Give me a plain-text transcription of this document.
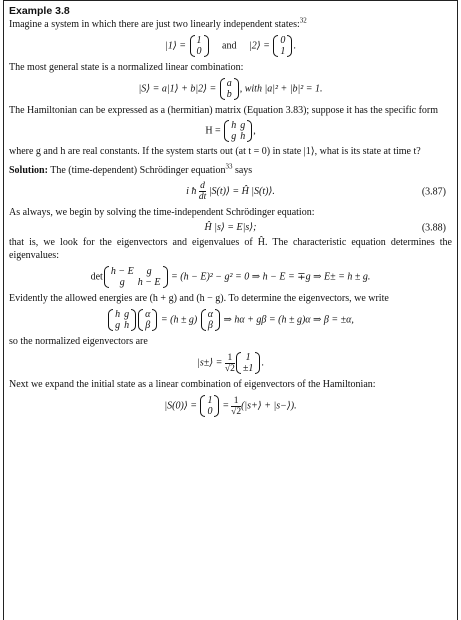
Example 3.8

Imagine a system in which there are just two linearly independent states:$^{32}$

|1⟩ = 1
0
and |2⟩ = 0
1
.

The most general state is a normalized linear combination:

|S⟩ = a|1⟩ + b|2⟩ = a
b
, with |a|² + |b|² = 1.

The Hamiltonian can be expressed as a (hermitian) matrix (Equation 3.83); suppose it has the specific form

H = h	g
g	h
,

where g and h are real constants. If the system starts out (at t = 0) in state |1⟩, what is its state at time t?

Solution: The (time-dependent) Schrödinger equation$^{33}$ says

i ħ $\frac{d}{dt}$ |S(t)⟩ = Ĥ |S(t)⟩.	(3.87)

As always, we begin by solving the time-independent Schrödinger equation:

Ĥ |s⟩ = E|s⟩;	(3.88)

that is, we look for the eigenvectors and eigenvalues of Ĥ. The characteristic equation determines the eigenvalues:

det h − E	g
g	h − E
= (h − E)² − g² = 0 ⇒ h − E = ∓g ⇒ E± = h ± g.

Evidently the allowed energies are (h + g) and (h − g). To determine the eigenvectors, we write

h	g
g	h
α
β
= (h ± g) α
β
⇒ hα + gβ = (h ± g)α ⇒ β = ±α,

so the normalized eigenvectors are

|s±⟩ = $\frac{1}{√2} 1$
±1
.

Next we expand the initial state as a linear combination of eigenvectors of the Hamiltonian:

|S(0)⟩ = 1
0
= $\frac{1}{√2}$ (|s+⟩ + |s−⟩).
